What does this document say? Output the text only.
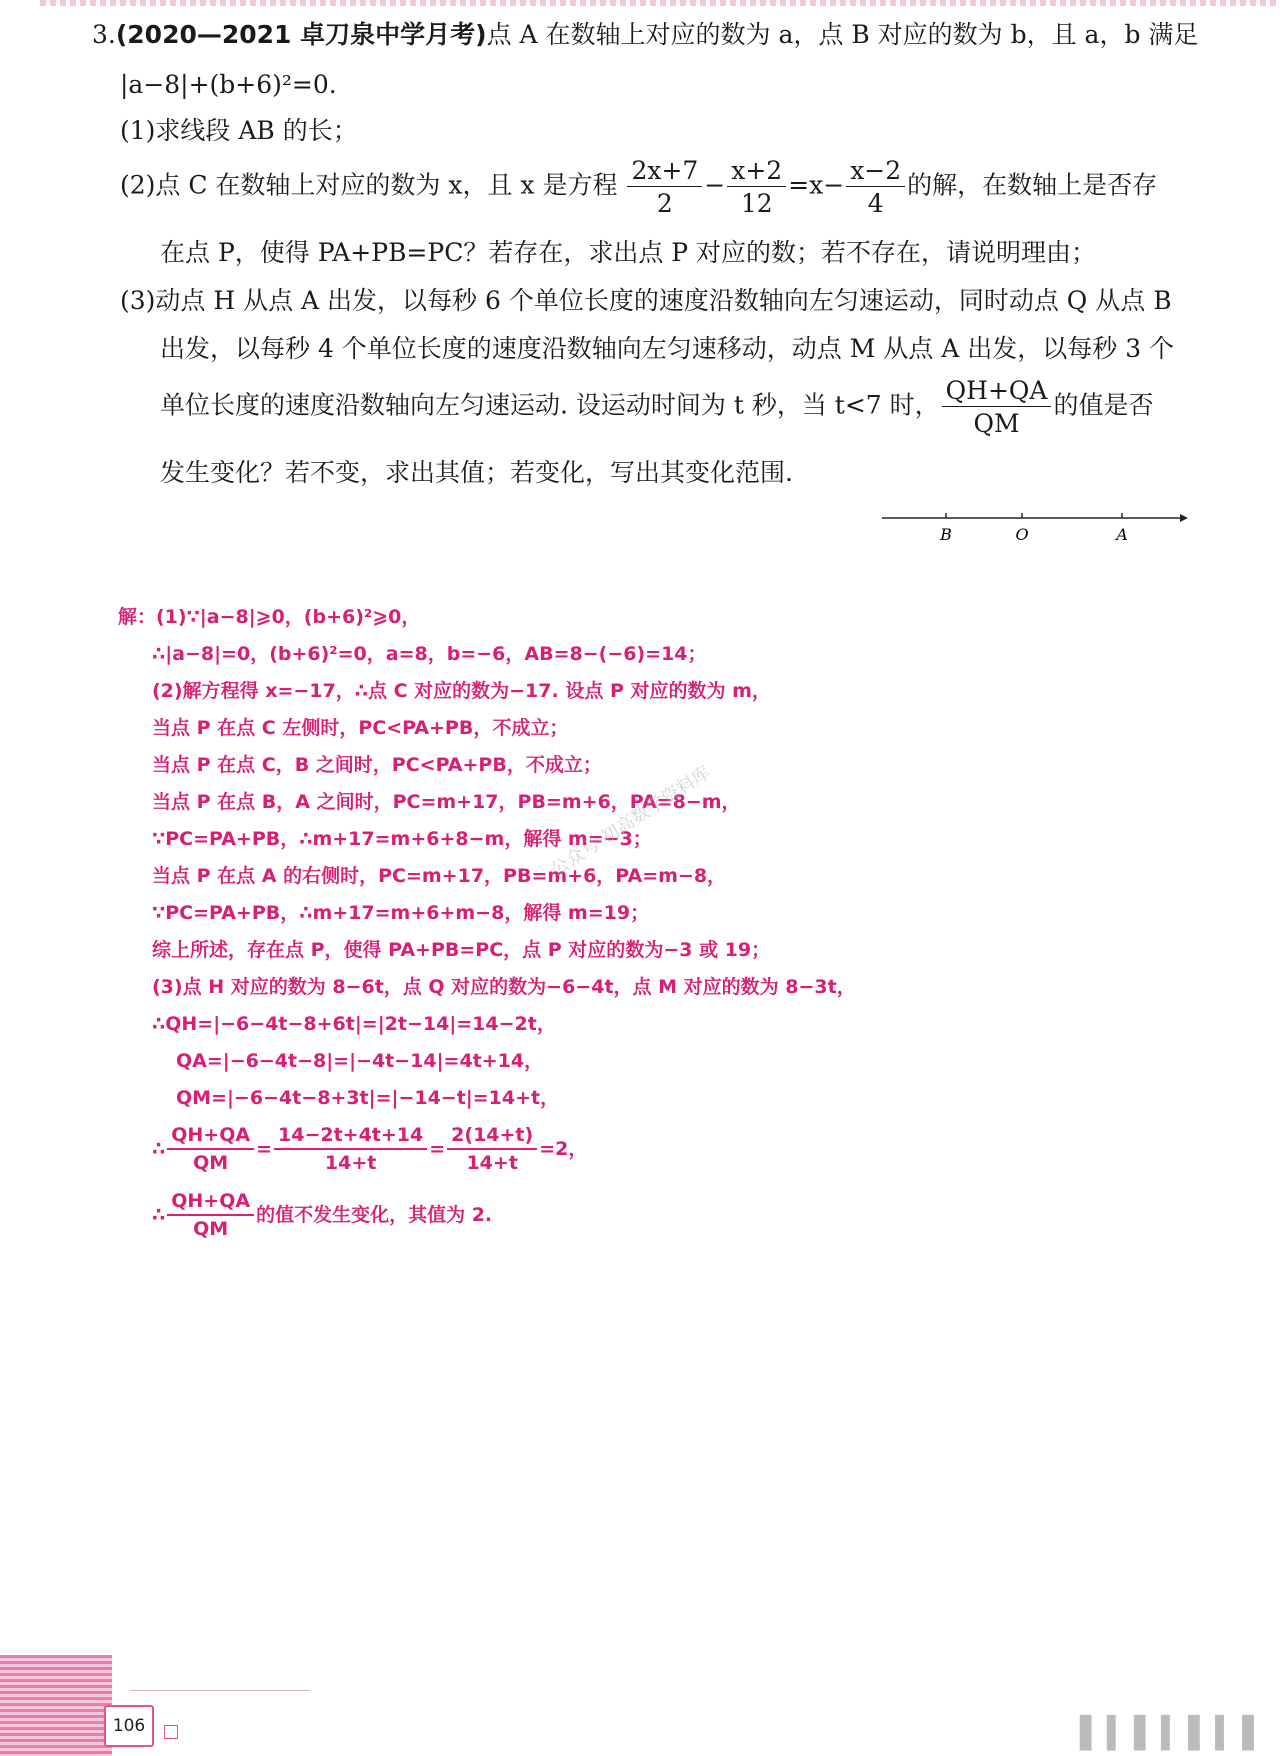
3.(2020—2021 卓刀泉中学月考)点 A 在数轴上对应的数为 a，点 B 对应的数为 b，且 a，b 满足
|a−8|+(b+6)²=0.
(1)求线段 AB 的长；
(2)点 C 在数轴上对应的数为 x，且 x 是方程 $\frac{2x+7}{2} - \frac{x+2}{12} =x- \frac{x-2}{4}$ 的解，在数轴上是否存
在点 P，使得 PA+PB=PC？若存在，求出点 P 对应的数；若不存在，请说明理由；
(3)动点 H 从点 A 出发，以每秒 6 个单位长度的速度沿数轴向左匀速运动，同时动点 Q 从点 B
出发，以每秒 4 个单位长度的速度沿数轴向左匀速移动，动点 M 从点 A 出发，以每秒 3 个
单位长度的速度沿数轴向左匀速运动. 设运动时间为 t 秒，当 t<7 时， $\frac{QH+QA}{QM}$ 的值是否
发生变化？若不变，求出其值；若变化，写出其变化范围.
B	O	A
解：(1)∵|a−8|⩾0，(b+6)²⩾0，
∴|a−8|=0，(b+6)²=0，a=8，b=−6，AB=8−(−6)=14；
(2)解方程得 x=−17，∴点 C 对应的数为−17. 设点 P 对应的数为 m，
当点 P 在点 C 左侧时，PC<PA+PB，不成立；
当点 P 在点 C，B 之间时，PC<PA+PB，不成立；
当点 P 在点 B，A 之间时，PC=m+17，PB=m+6，PA=8−m，
∵PC=PA+PB，∴m+17=m+6+8−m，解得 m=−3；
当点 P 在点 A 的右侧时，PC=m+17，PB=m+6，PA=m−8，
∵PC=PA+PB，∴m+17=m+6+m−8，解得 m=19；
综上所述，存在点 P，使得 PA+PB=PC，点 P 对应的数为−3 或 19；
(3)点 H 对应的数为 8−6t，点 Q 对应的数为−6−4t，点 M 对应的数为 8−3t，
∴QH=|−6−4t−8+6t|=|2t−14|=14−2t，
QA=|−6−4t−8|=|−4t−14|=4t+14，
QM=|−6−4t−8+3t|=|−14−t|=14+t，
∴ $\frac{QH+QA}{QM} = \frac{14-2t+4t+14}{14+t} = \frac{2(14+t)}{14+t} =2$，
∴ $\frac{QH+QA}{QM}$ 的值不发生变化，其值为 2.
公众号·初高数学资料库
106	▌▍▌▍▌▍▌
